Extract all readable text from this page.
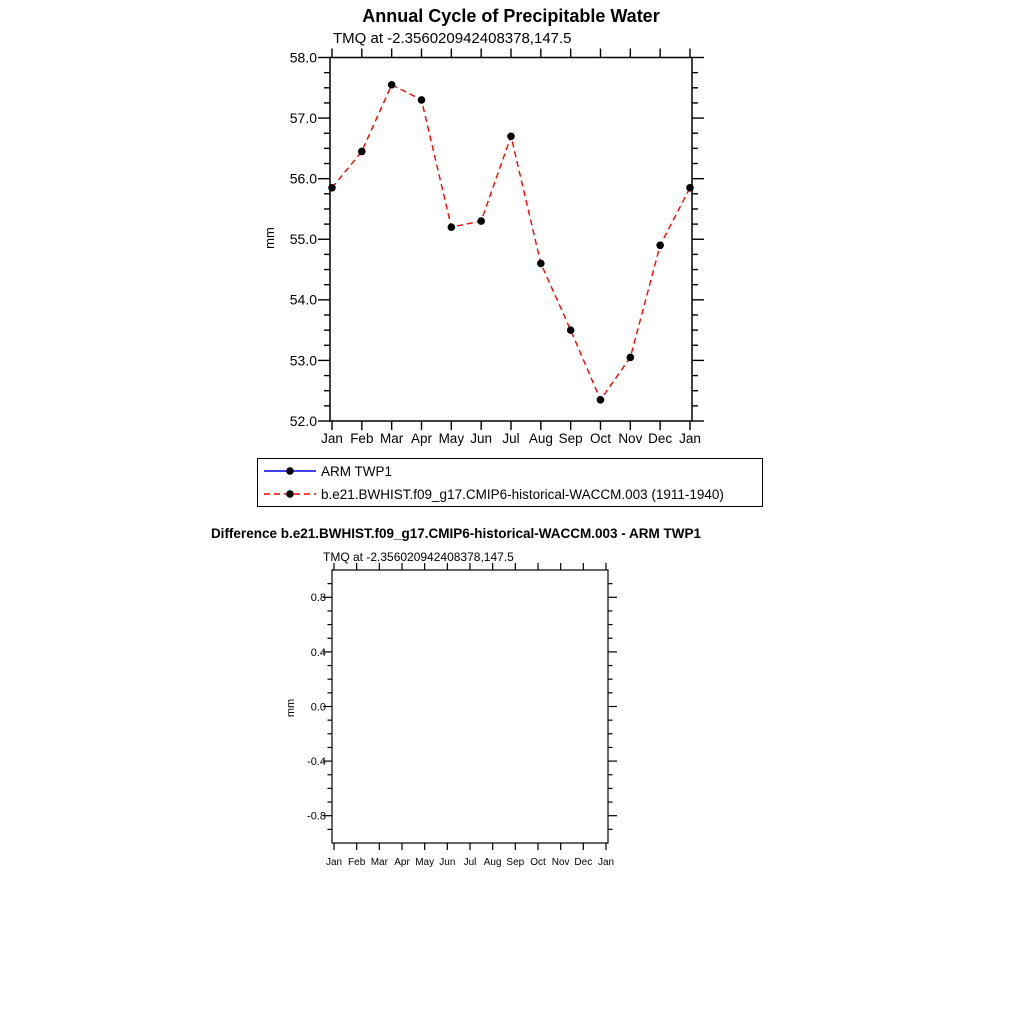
Jan Feb Mar Apr May Jun Jul Aug Sep Oct Nov Dec Jan
58.0
57.0
56.0
55.0
54.0
53.0
52.0
Jan Feb Mar Apr May Jun Jul Aug Sep Oct Nov Dec Jan
0.8
0.4
0.0
-0.4
-0.8
Annual Cycle of Precipitable Water
TMQ at -2.356020942408378,147.5
mm
ARM TWP1
b.e21.BWHIST.f09_g17.CMIP6-historical-WACCM.003 (1911-1940)
Difference b.e21.BWHIST.f09_g17.CMIP6-historical-WACCM.003 - ARM TWP1
TMQ at -2.356020942408378,147.5
mm
